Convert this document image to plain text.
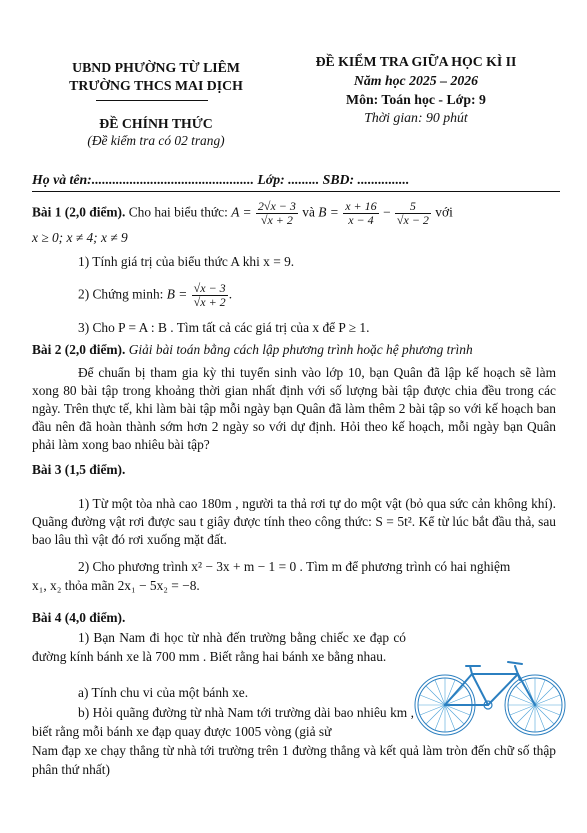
UBND PHƯỜNG TỪ LIÊM
TRƯỜNG THCS MAI DỊCH
ĐỀ CHÍNH THỨC
(Đề kiểm tra có 02 trang)
ĐỀ KIỂM TRA GIỮA HỌC KÌ II
Năm học 2025 – 2026
Môn: Toán học - Lớp: 9
Thời gian: 90 phút
Họ và tên:............................................... Lớp: ......... SBD: ...............
Bài 1 (2,0 điểm). Cho hai biểu thức: $A = \frac{2√x - 3}{√x + 2}$ và $B = \frac{x + 16}{x - 4} - \frac{5}{√x - 2}$ với
x ≥ 0; x ≠ 4; x ≠ 9
1) Tính giá trị của biểu thức A khi x = 9.
2) Chứng minh: $B = \frac{√x - 3}{√x + 2}$ .
3) Cho P = A : B . Tìm tất cả các giá trị của x để P ≥ 1.
Bài 2 (2,0 điểm). Giải bài toán bằng cách lập phương trình hoặc hệ phương trình
Để chuẩn bị tham gia kỳ thi tuyển sinh vào lớp 10, bạn Quân đã lập kế hoạch sẽ làm xong 80 bài tập trong khoảng thời gian nhất định với số lượng bài tập được chia đều trong các ngày. Trên thực tế, khi làm bài tập mỗi ngày bạn Quân đã làm thêm 2 bài tập so với kế hoạch ban đầu nên đã hoàn thành sớm hơn 2 ngày so với dự định. Hỏi theo kế hoạch, mỗi ngày bạn Quân phải làm xong bao nhiêu bài tập?
Bài 3 (1,5 điểm).
1) Từ một tòa nhà cao 180m , người ta thả rơi tự do một vật (bỏ qua sức cản không khí). Quãng đường vật rơi được sau t giây được tính theo công thức: S = 5t². Kể từ lúc bắt đầu thả, sau bao lâu thì vật đó rơi xuống mặt đất.
2) Cho phương trình x² − 3x + m − 1 = 0 . Tìm m để phương trình có hai nghiệm
x₁, x₂ thỏa mãn 2x₁ − 5x₂ = −8.
Bài 4 (4,0 điểm).
1) Bạn Nam đi học từ nhà đến trường bằng chiếc xe đạp có đường kính bánh xe là 700 mm . Biết rằng hai bánh xe bằng nhau.
a) Tính chu vi của một bánh xe.
b) Hỏi quãng đường từ nhà Nam tới trường dài bao nhiêu km , biết rằng mỗi bánh xe đạp quay được 1005 vòng (giả sử
Nam đạp xe chạy thẳng từ nhà tới trường trên 1 đường thẳng và kết quả làm tròn đến chữ số thập phân thứ nhất)
